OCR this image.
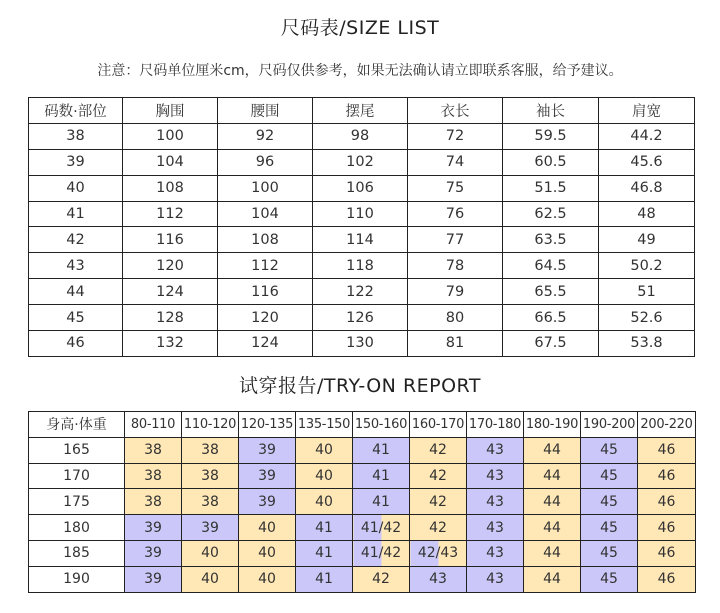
尺码表/SIZE LIST
注意：尺码单位厘米cm，尺码仅供参考，如果无法确认请立即联系客服，给予建议。
码数·部位	胸围	腰围	摆尾	衣长	袖长	肩宽
38	100	92	98	72	59.5	44.2
39	104	96	102	74	60.5	45.6
40	108	100	106	75	51.5	46.8
41	112	104	110	76	62.5	48
42	116	108	114	77	63.5	49
43	120	112	118	78	64.5	50.2
44	124	116	122	79	65.5	51
45	128	120	126	80	66.5	52.6
46	132	124	130	81	67.5	53.8
试穿报告/TRY-ON REPORT
身高·体重	80-110	110-120	120-135	135-150	150-160	160-170	170-180	180-190	190-200	200-220
165	38	38	39	40	41	42	43	44	45	46
170	38	38	39	40	41	42	43	44	45	46
175	38	38	39	40	41	42	43	44	45	46
180	39	39	40	41	41/42	42	43	44	45	46
185	39	40	40	41	41/42	42/43	43	44	45	46
190	39	40	40	41	42	43	43	44	45	46
